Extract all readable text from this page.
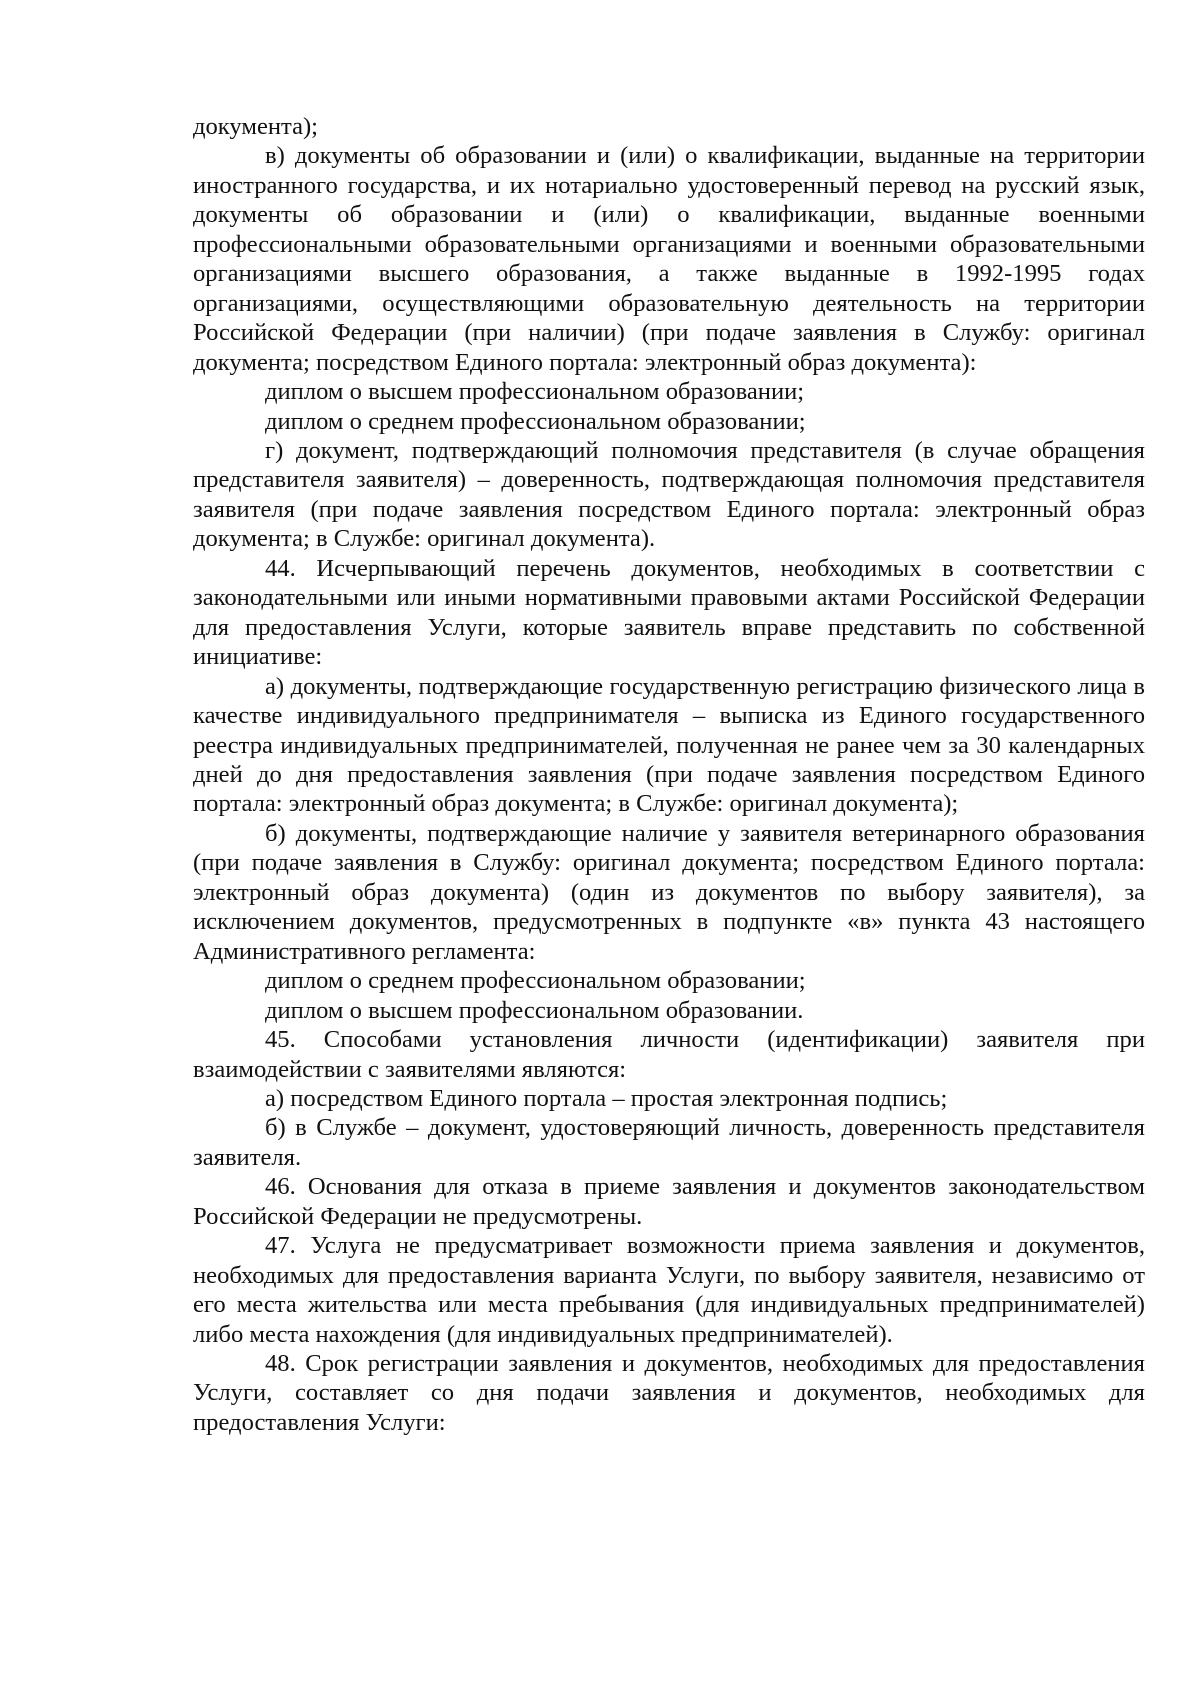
документа);

в) документы об образовании и (или) о квалификации, выданные на территории иностранного государства, и их нотариально удостоверенный перевод на русский язык, документы об образовании и (или) о квалификации, выданные военными профессиональными образовательными организациями и военными образовательными организациями высшего образования, а также выданные в 1992-1995 годах организациями, осуществляющими образовательную деятельность на территории Российской Федерации (при наличии) (при подаче заявления в Службу: оригинал документа; посредством Единого портала: электронный образ документа):

диплом о высшем профессиональном образовании;

диплом о среднем профессиональном образовании;

г) документ, подтверждающий полномочия представителя (в случае обращения представителя заявителя) – доверенность, подтверждающая полномочия представителя заявителя (при подаче заявления посредством Единого портала: электронный образ документа; в Службе: оригинал документа).

44. Исчерпывающий перечень документов, необходимых в соответствии с законодательными или иными нормативными правовыми актами Российской Федерации для предоставления Услуги, которые заявитель вправе представить по собственной инициативе:

а) документы, подтверждающие государственную регистрацию физического лица в качестве индивидуального предпринимателя – выписка из Единого государственного реестра индивидуальных предпринимателей, полученная не ранее чем за 30 календарных дней до дня предоставления заявления (при подаче заявления посредством Единого портала: электронный образ документа; в Службе: оригинал документа);

б) документы, подтверждающие наличие у заявителя ветеринарного образования (при подаче заявления в Службу: оригинал документа; посредством Единого портала: электронный образ документа) (один из документов по выбору заявителя), за исключением документов, предусмотренных в подпункте «в» пункта 43 настоящего Административного регламента:

диплом о среднем профессиональном образовании;

диплом о высшем профессиональном образовании.

45. Способами установления личности (идентификации) заявителя при взаимодействии с заявителями являются:

а) посредством Единого портала – простая электронная подпись;

б) в Службе – документ, удостоверяющий личность, доверенность представителя заявителя.

46. Основания для отказа в приеме заявления и документов законодательством Российской Федерации не предусмотрены.

47. Услуга не предусматривает возможности приема заявления и документов, необходимых для предоставления варианта Услуги, по выбору заявителя, независимо от его места жительства или места пребывания (для индивидуальных предпринимателей) либо места нахождения (для индивидуальных предпринимателей).

48. Срок регистрации заявления и документов, необходимых для предоставления Услуги, составляет со дня подачи заявления и документов, необходимых для предоставления Услуги:
